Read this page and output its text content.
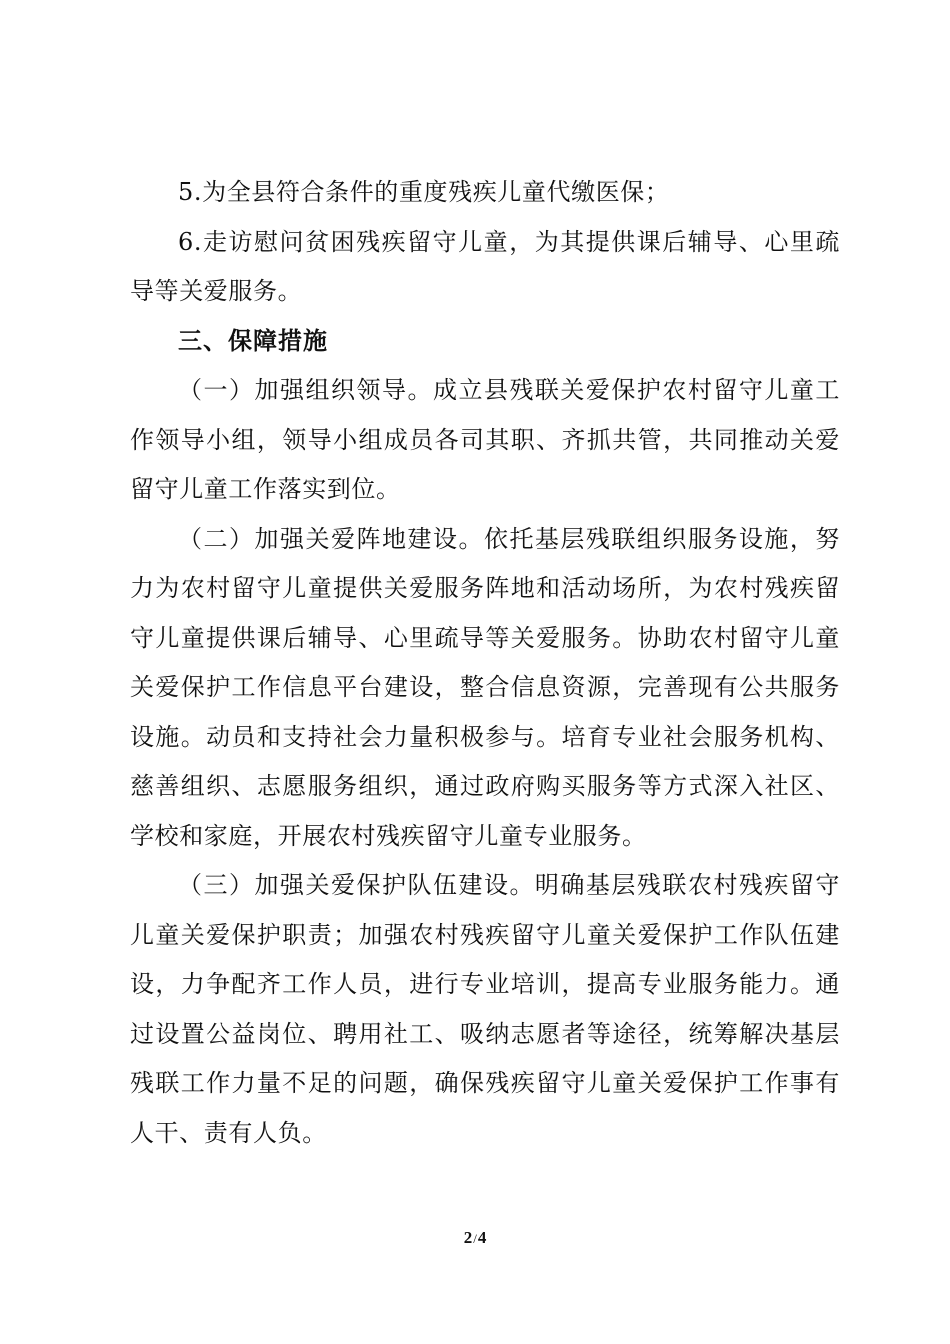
5.为全县符合条件的重度残疾儿童代缴医保；

6.走访慰问贫困残疾留守儿童，为其提供课后辅导、心里疏导等关爱服务。

三、保障措施

（一）加强组织领导。成立县残联关爱保护农村留守儿童工作领导小组，领导小组成员各司其职、齐抓共管，共同推动关爱留守儿童工作落实到位。

（二）加强关爱阵地建设。依托基层残联组织服务设施，努力为农村留守儿童提供关爱服务阵地和活动场所，为农村残疾留守儿童提供课后辅导、心里疏导等关爱服务。协助农村留守儿童关爱保护工作信息平台建设，整合信息资源，完善现有公共服务设施。动员和支持社会力量积极参与。培育专业社会服务机构、慈善组织、志愿服务组织，通过政府购买服务等方式深入社区、学校和家庭，开展农村残疾留守儿童专业服务。

（三）加强关爱保护队伍建设。明确基层残联农村残疾留守儿童关爱保护职责；加强农村残疾留守儿童关爱保护工作队伍建设，力争配齐工作人员，进行专业培训，提高专业服务能力。通过设置公益岗位、聘用社工、吸纳志愿者等途径，统筹解决基层残联工作力量不足的问题，确保残疾留守儿童关爱保护工作事有人干、责有人负。

2/4
